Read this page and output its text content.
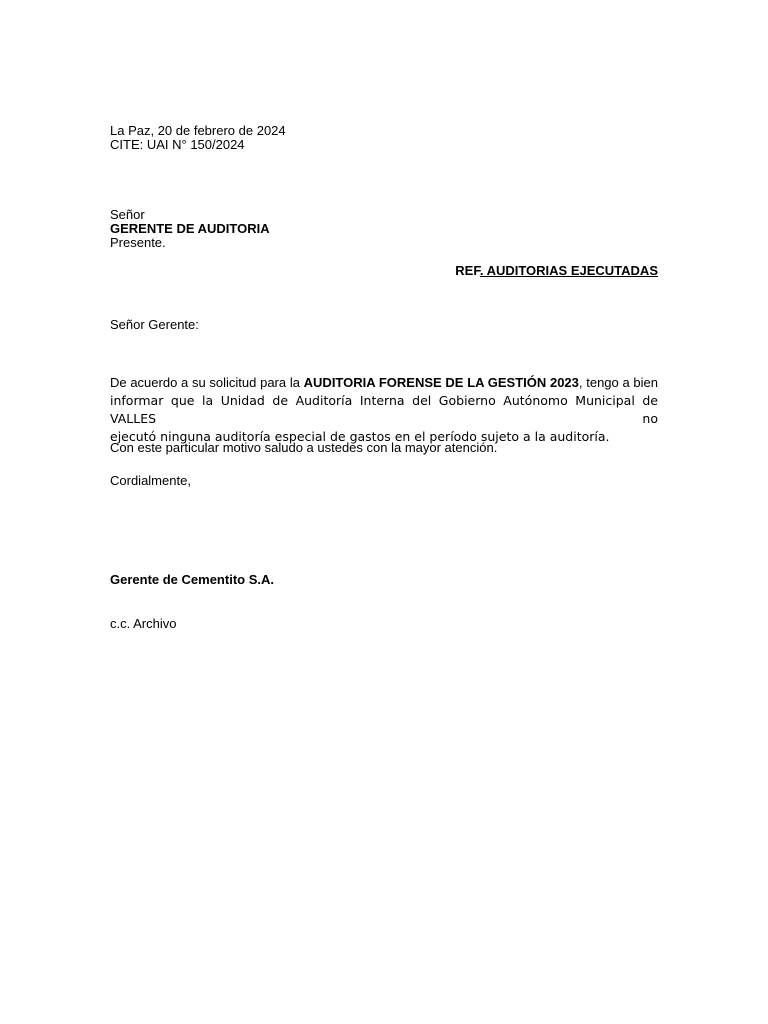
La Paz, 20 de febrero de 2024
CITE: UAI N° 150/2024
Señor
GERENTE DE AUDITORIA
Presente.
REF. AUDITORIAS EJECUTADAS
Señor Gerente:
De acuerdo a su solicitud para la AUDITORIA FORENSE DE LA GESTIÓN 2023, tengo a bien
informar que la Unidad de Auditoría Interna del Gobierno Autónomo Municipal de VALLES no
ejecutó ninguna auditoría especial de gastos en el período sujeto a la auditoría.
Con este particular motivo saludo a ustedes con la mayor atención.
Cordialmente,
Gerente de Cementito S.A.
c.c. Archivo
